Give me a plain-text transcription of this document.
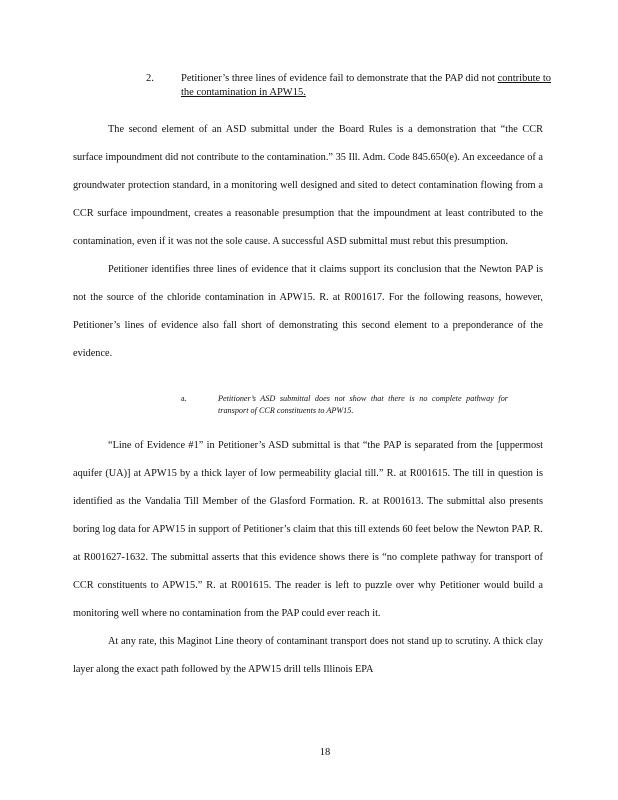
2.	Petitioner’s three lines of evidence fail to demonstrate that the PAP did not contribute to the contamination in APW15.

The second element of an ASD submittal under the Board Rules is a demonstration that “the CCR surface impoundment did not contribute to the contamination.” 35 Ill. Adm. Code 845.650(e). An exceedance of a groundwater protection standard, in a monitoring well designed and sited to detect contamination flowing from a CCR surface impoundment, creates a reasonable presumption that the impoundment at least contributed to the contamination, even if it was not the sole cause. A successful ASD submittal must rebut this presumption.

Petitioner identifies three lines of evidence that it claims support its conclusion that the Newton PAP is not the source of the chloride contamination in APW15. R. at R001617. For the following reasons, however, Petitioner’s lines of evidence also fall short of demonstrating this second element to a preponderance of the evidence.

a.	Petitioner’s ASD submittal does not show that there is no complete pathway for transport of CCR constituents to APW15.

“Line of Evidence #1” in Petitioner’s ASD submittal is that “the PAP is separated from the [uppermost aquifer (UA)] at APW15 by a thick layer of low permeability glacial till.” R. at R001615. The till in question is identified as the Vandalia Till Member of the Glasford Formation. R. at R001613. The submittal also presents boring log data for APW15 in support of Petitioner’s claim that this till extends 60 feet below the Newton PAP. R. at R001627-1632. The submittal asserts that this evidence shows there is “no complete pathway for transport of CCR constituents to APW15.” R. at R001615. The reader is left to puzzle over why Petitioner would build a monitoring well where no contamination from the PAP could ever reach it.

At any rate, this Maginot Line theory of contaminant transport does not stand up to scrutiny. A thick clay layer along the exact path followed by the APW15 drill tells Illinois EPA

18
